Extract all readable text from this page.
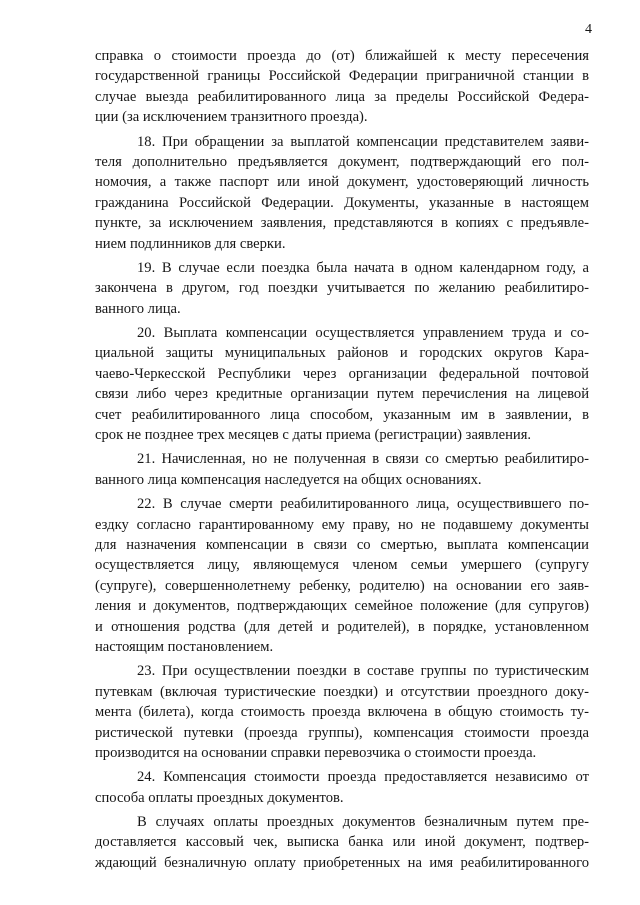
4
справка о стоимости проезда до (от) ближайшей к месту пересечения
государственной границы Российской Федерации приграничной станции в
случае выезда реабилитированного лица за пределы Российской Федера-
ции (за исключением транзитного проезда).
18. При обращении за выплатой компенсации представителем заяви-
теля дополнительно предъявляется документ, подтверждающий его пол-
номочия, а также паспорт или иной документ, удостоверяющий личность
гражданина Российской Федерации. Документы, указанные в настоящем
пункте, за исключением заявления, представляются в копиях с предъявле-
нием подлинников для сверки.
19. В случае если поездка была начата в одном календарном году, а
закончена в другом, год поездки учитывается по желанию реабилитиро-
ванного лица.
20. Выплата компенсации осуществляется управлением труда и со-
циальной защиты муниципальных районов и городских округов Кара-
чаево-Черкесской Республики через организации федеральной почтовой
связи либо через кредитные организации путем перечисления на лицевой
счет реабилитированного лица способом, указанным им в заявлении, в
срок не позднее трех месяцев с даты приема (регистрации) заявления.
21. Начисленная, но не полученная в связи со смертью реабилитиро-
ванного лица компенсация наследуется на общих основаниях.
22. В случае смерти реабилитированного лица, осуществившего по-
ездку согласно гарантированному ему праву, но не подавшему документы
для назначения компенсации в связи со смертью, выплата компенсации
осуществляется лицу, являющемуся членом семьи умершего (супругу
(супруге), совершеннолетнему ребенку, родителю) на основании его заяв-
ления и документов, подтверждающих семейное положение (для супругов)
и отношения родства (для детей и родителей), в порядке, установленном
настоящим постановлением.
23. При осуществлении поездки в составе группы по туристическим
путевкам (включая туристические поездки) и отсутствии проездного доку-
мента (билета), когда стоимость проезда включена в общую стоимость ту-
ристической путевки (проезда группы), компенсация стоимости проезда
производится на основании справки перевозчика о стоимости проезда.
24. Компенсация стоимости проезда предоставляется независимо от
способа оплаты проездных документов.
В случаях оплаты проездных документов безналичным путем пре-
доставляется кассовый чек, выписка банка или иной документ, подтвер-
ждающий безналичную оплату приобретенных на имя реабилитированного
